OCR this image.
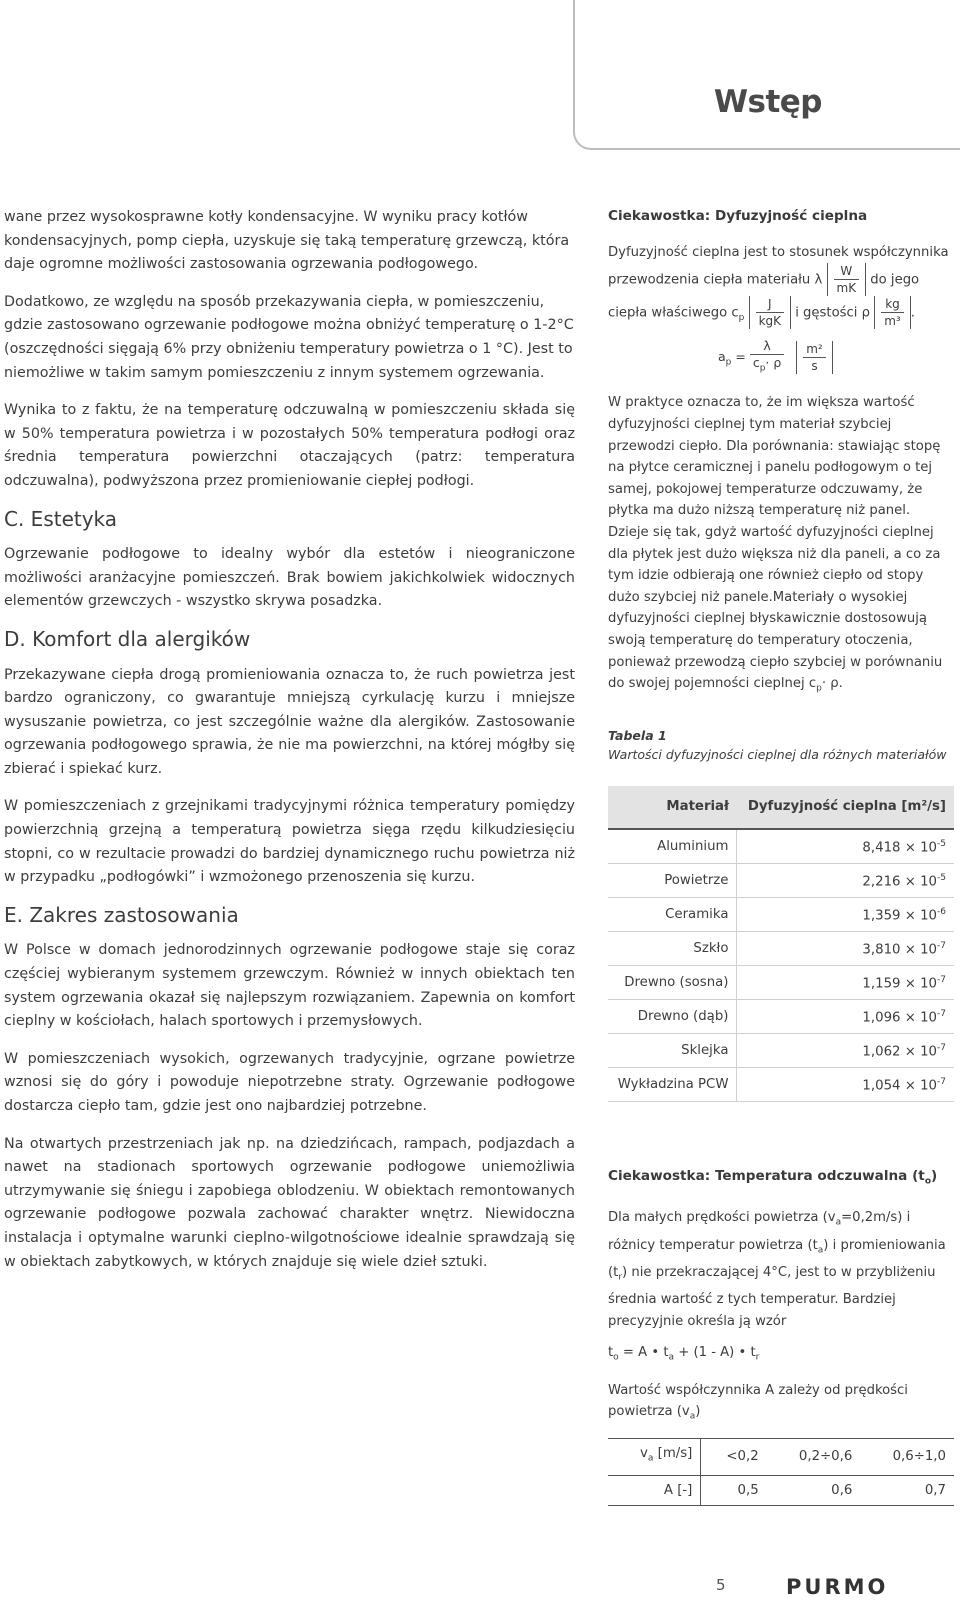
Wstęp

wane przez wysokosprawne kotły kondensacyjne. W wyniku pracy kotłów kondensacyjnych, pomp ciepła, uzyskuje się taką temperaturę grzewczą, która daje ogromne możliwości zastosowania ogrzewania podłogowego.

Dodatkowo, ze względu na sposób przekazywania ciepła, w pomieszczeniu, gdzie zastosowano ogrzewanie podłogowe można obniżyć temperaturę o 1-2°C (oszczędności sięgają 6% przy obniżeniu temperatury powietrza o 1 °C). Jest to niemożliwe w takim samym pomieszczeniu z innym systemem ogrzewania.

Wynika to z faktu, że na temperaturę odczuwalną w pomieszczeniu składa się w 50% temperatura powietrza i w pozostałych 50% temperatura podłogi oraz średnia temperatura powierzchni otaczających (patrz: temperatura odczuwalna), podwyższona przez promieniowanie ciepłej podłogi.

C. Estetyka

Ogrzewanie podłogowe to idealny wybór dla estetów i nieograniczone możliwości aranżacyjne pomieszczeń. Brak bowiem jakichkolwiek widocznych elementów grzewczych - wszystko skrywa posadzka.

D. Komfort dla alergików

Przekazywane ciepła drogą promieniowania oznacza to, że ruch powietrza jest bardzo ograniczony, co gwarantuje mniejszą cyrkulację kurzu i mniejsze wysuszanie powietrza, co jest szczególnie ważne dla alergików. Zastosowanie ogrzewania podłogowego sprawia, że nie ma powierzchni, na której mógłby się zbierać i spiekać kurz.

W pomieszczeniach z grzejnikami tradycyjnymi różnica temperatury pomiędzy powierzchnią grzejną a temperaturą powietrza sięga rzędu kilkudziesięciu stopni, co w rezultacie prowadzi do bardziej dynamicznego ruchu powietrza niż w przypadku „podłogówki” i wzmożonego przenoszenia się kurzu.

E. Zakres zastosowania

W Polsce w domach jednorodzinnych ogrzewanie podłogowe staje się coraz częściej wybieranym systemem grzewczym. Również w innych obiektach ten system ogrzewania okazał się najlepszym rozwiązaniem. Zapewnia on komfort cieplny w kościołach, halach sportowych i przemysłowych.

W pomieszczeniach wysokich, ogrzewanych tradycyjnie, ogrzane powietrze wznosi się do góry i powoduje niepotrzebne straty. Ogrzewanie podłogowe dostarcza ciepło tam, gdzie jest ono najbardziej potrzebne.

Na otwartych przestrzeniach jak np. na dziedzińcach, rampach, podjazdach a nawet na stadionach sportowych ogrzewanie podłogowe uniemożliwia utrzymywanie się śniegu i zapobiega oblodzeniu. W obiektach remontowanych ogrzewanie podłogowe pozwala zachować charakter wnętrz. Niewidoczna instalacja i optymalne warunki cieplno-wilgotnościowe idealnie sprawdzają się w obiektach zabytkowych, w których znajduje się wiele dzieł sztuki.

Ciekawostka: Dyfuzyjność cieplna
Dyfuzyjność cieplna jest to stosunek współczynnika przewodzenia ciepła materiału λ $\frac{W}{mK}$ do jego
ciepła właściwego $c_p \frac{J}{\text{kgK}}$ i gęstości ρ $\frac{kg}{\text{m³}}$ .
$a_p = \frac{\lambda}{c_p\cdot \rho}$
$\frac{\text{m²}}{s}$
W praktyce oznacza to, że im większa wartość dyfuzyjności cieplnej tym materiał szybciej przewodzi ciepło. Dla porównania: stawiając stopę na płytce ceramicznej i panelu podłogowym o tej samej, pokojowej temperaturze odczuwamy, że płytka ma dużo niższą temperaturę niż panel. Dzieje się tak, gdyż wartość dyfuzyjności cieplnej dla płytek jest dużo większa niż dla paneli, a co za tym idzie odbierają one również ciepło od stopy dużo szybciej niż panele.Materiały o wysokiej dyfuzyjności cieplnej błyskawicznie dostosowują swoją temperaturę do temperatury otoczenia, ponieważ przewodzą ciepło szybciej w porównaniu do swojej pojemności cieplnej $c_p\cdot \rho$.
Tabela 1
Wartości dyfuzyjności cieplnej dla różnych materiałów
Materiał	Dyfuzyjność cieplna [m²/s]
Aluminium	$8,418 \times 10^{-5}$
Powietrze	$2,216 \times 10^{-5}$
Ceramika	$1,359 \times 10^{-6}$
Szkło	$3,810 \times 10^{-7}$
Drewno (sosna)	$1,159 \times 10^{-7}$
Drewno (dąb)	$1,096 \times 10^{-7}$
Sklejka	$1,062 \times 10^{-7}$
Wykładzina PCW	$1,054 \times 10^{-7}$
Ciekawostka: Temperatura odczuwalna $(t_o)$
Dla małych prędkości powietrza $(v_a=0,2m/s)$ i różnicy temperatur powietrza $(t_a)$ i promieniowania $(t_r)$ nie przekraczającej 4°C, jest to w przybliżeniu średnia wartość z tych temperatur. Bardziej precyzyjnie określa ją wzór
$t_o = A$ • $t_a + (1 - A)$ • $t_r$
Wartość współczynnika A zależy od prędkości powietrza $(v_a)$
$v_a$ [m/s]	<0,2	0,2÷0,6	0,6÷1,0
A [-]	0,5	0,6	0,7
5	PURMO
